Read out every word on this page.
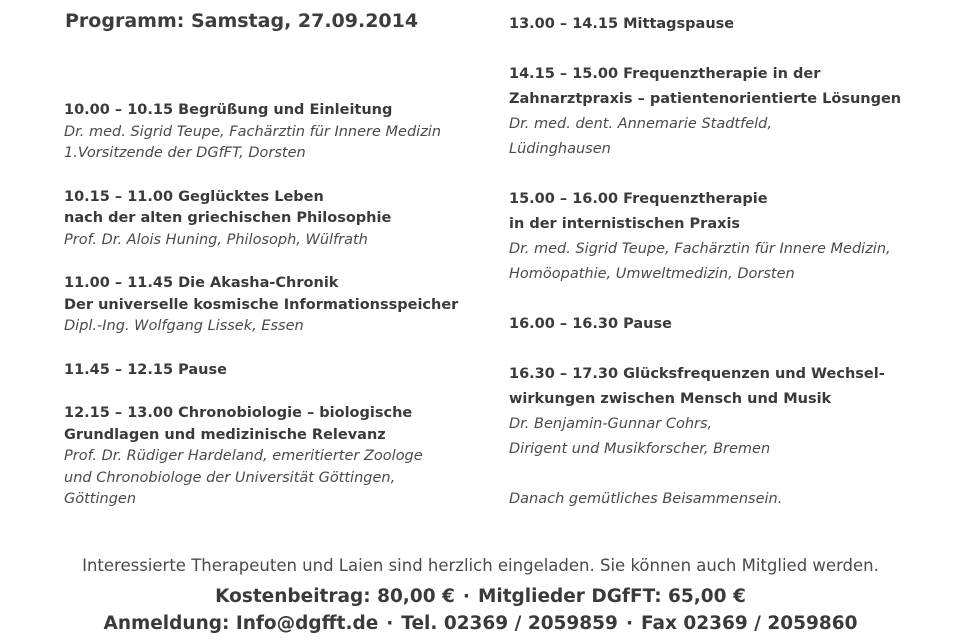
Programm: Samstag, 27.09.2014
10.00 – 10.15 Begrüßung und Einleitung
Dr. med. Sigrid Teupe, Fachärztin für Innere Medizin
1.Vorsitzende der DGfFT, Dorsten
10.15 – 11.00 Geglücktes Leben
nach der alten griechischen Philosophie
Prof. Dr. Alois Huning, Philosoph, Wülfrath
11.00 – 11.45 Die Akasha-Chronik
Der universelle kosmische Informationsspeicher
Dipl.-Ing. Wolfgang Lissek, Essen
11.45 – 12.15 Pause
12.15 – 13.00 Chronobiologie – biologische
Grundlagen und medizinische Relevanz
Prof. Dr. Rüdiger Hardeland, emeritierter Zoologe
und Chronobiologe der Universität Göttingen,
Göttingen
13.00 – 14.15 Mittagspause
14.15 – 15.00 Frequenztherapie in der
Zahnarztpraxis – patientenorientierte Lösungen
Dr. med. dent. Annemarie Stadtfeld,
Lüdinghausen
15.00 – 16.00 Frequenztherapie
in der internistischen Praxis
Dr. med. Sigrid Teupe, Fachärztin für Innere Medizin,
Homöopathie, Umweltmedizin, Dorsten
16.00 – 16.30 Pause
16.30 – 17.30 Glücksfrequenzen und Wechsel-
wirkungen zwischen Mensch und Musik
Dr. Benjamin-Gunnar Cohrs,
Dirigent und Musikforscher, Bremen
Danach gemütliches Beisammensein.
Interessierte Therapeuten und Laien sind herzlich eingeladen. Sie können auch Mitglied werden.
Kostenbeitrag: 80,00 € · Mitglieder DGfFT: 65,00 €
Anmeldung: Info@dgfft.de · Tel. 02369 / 2059859 · Fax 02369 / 2059860
